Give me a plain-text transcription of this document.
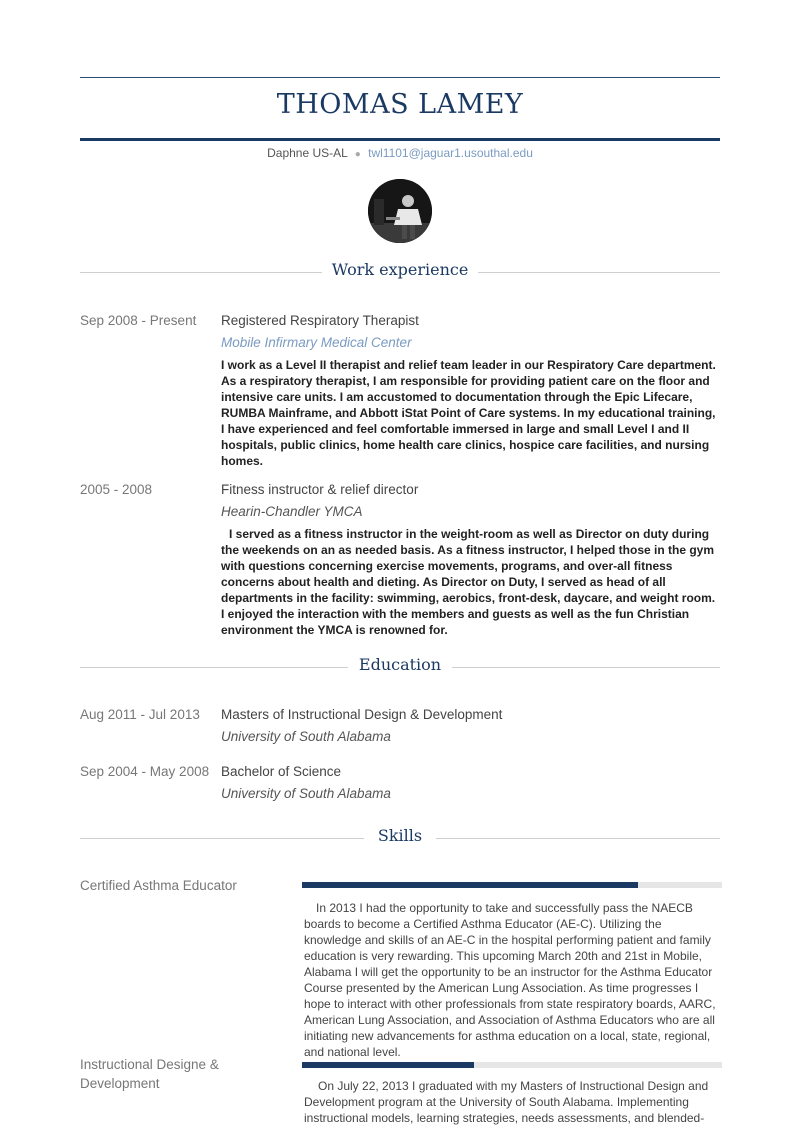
THOMAS LAMEY
Daphne US-AL ● twl1101@jaguar1.usouthal.edu
Work experience
Sep 2008 - Present Registered Respiratory Therapist
Mobile Infirmary Medical Center
I work as a Level II therapist and relief team leader in our Respiratory Care department. As a respiratory therapist, I am responsible for providing patient care on the floor and intensive care units. I am accustomed to documentation through the Epic Lifecare, RUMBA Mainframe, and Abbott iStat Point of Care systems. In my educational training, I have experienced and feel comfortable immersed in large and small Level I and II hospitals, public clinics, home health care clinics, hospice care facilities, and nursing homes.
2005 - 2008	Fitness instructor & relief director
Hearin-Chandler YMCA
I served as a fitness instructor in the weight-room as well as Director on duty during the weekends on an as needed basis. As a fitness instructor, I helped those in the gym with questions concerning exercise movements, programs, and over-all fitness concerns about health and dieting. As Director on Duty, I served as head of all departments in the facility: swimming, aerobics, front-desk, daycare, and weight room. I enjoyed the interaction with the members and guests as well as the fun Christian environment the YMCA is renowned for.
Education
Aug 2011 - Jul 2013 Masters of Instructional Design & Development
University of South Alabama
Sep 2004 - May 2008 Bachelor of Science
University of South Alabama
Skills
Certified Asthma Educator
In 2013 I had the opportunity to take and successfully pass the NAECB boards to become a Certified Asthma Educator (AE-C). Utilizing the knowledge and skills of an AE-C in the hospital performing patient and family education is very rewarding. This upcoming March 20th and 21st in Mobile, Alabama I will get the opportunity to be an instructor for the Asthma Educator Course presented by the American Lung Association. As time progresses I hope to interact with other professionals from state respiratory boards, AARC, American Lung Association, and Association of Asthma Educators who are all initiating new advancements for asthma education on a local, state, regional, and national level.
Instructional Designe & Development	On July 22, 2013 I graduated with my Masters of Instructional Design and Development program at the University of South Alabama. Implementing instructional models, learning strategies, needs assessments, and blended-
